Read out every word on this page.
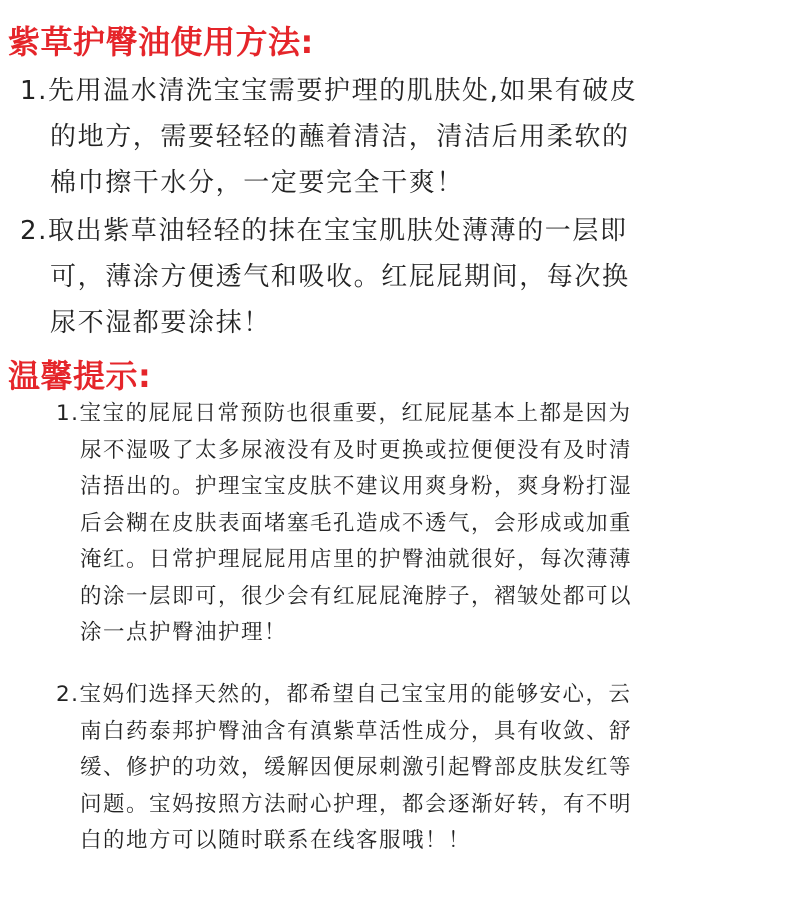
紫草护臀油使用方法:
1.先用温水清洗宝宝需要护理的肌肤处,如果有破皮
的地方，需要轻轻的蘸着清洁，清洁后用柔软的
棉巾擦干水分，一定要完全干爽！
2.取出紫草油轻轻的抹在宝宝肌肤处薄薄的一层即
可，薄涂方便透气和吸收。红屁屁期间，每次换
尿不湿都要涂抹！
温馨提示:
1.宝宝的屁屁日常预防也很重要，红屁屁基本上都是因为
尿不湿吸了太多尿液没有及时更换或拉便便没有及时清
洁捂出的。护理宝宝皮肤不建议用爽身粉，爽身粉打湿
后会糊在皮肤表面堵塞毛孔造成不透气，会形成或加重
淹红。日常护理屁屁用店里的护臀油就很好，每次薄薄
的涂一层即可，很少会有红屁屁淹脖子，褶皱处都可以
涂一点护臀油护理！
2.宝妈们选择天然的，都希望自己宝宝用的能够安心，云
南白药泰邦护臀油含有滇紫草活性成分，具有收敛、舒
缓、修护的功效，缓解因便尿刺激引起臀部皮肤发红等
问题。宝妈按照方法耐心护理，都会逐渐好转，有不明
白的地方可以随时联系在线客服哦！！
